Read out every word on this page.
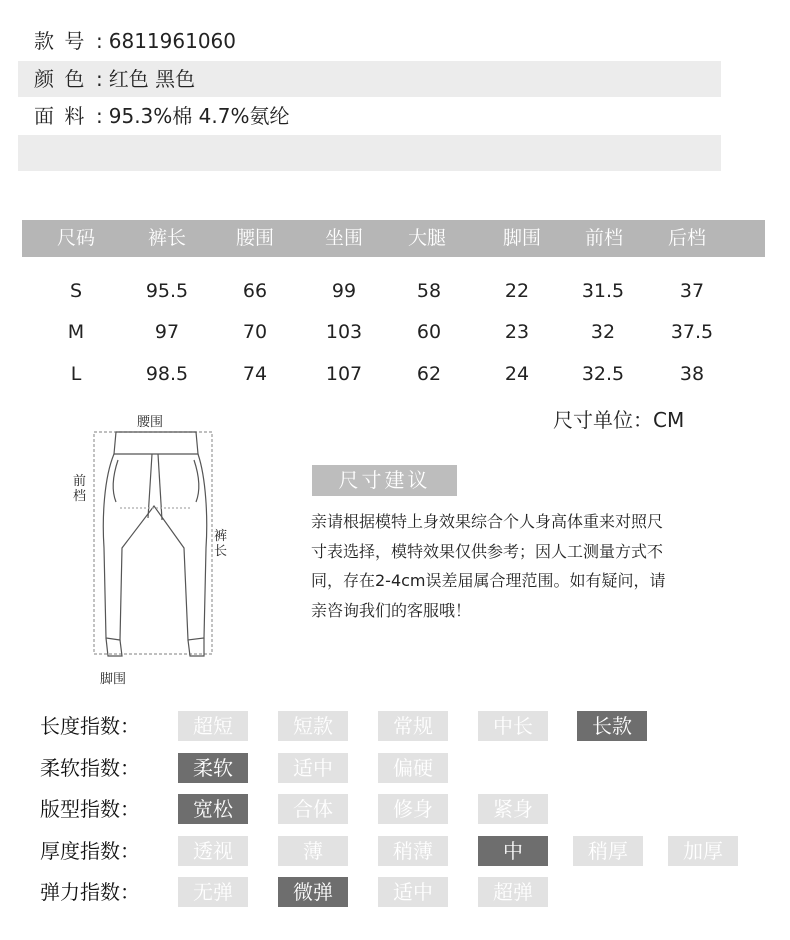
款 号 : 6811961060
颜 色 : 红色 黑色
面 料 : 95.3%棉 4.7%氨纶
尺码	裤长	腰围	坐围	大腿	脚围	前档	后档
S	95.5	66	99	58	22	31.5	37
M	97	70	103	60	23	32	37.5
L	98.5	74	107	62	24	32.5	38
尺寸单位：CM
腰围
前档
裤长
脚围
尺寸建议
亲请根据模特上身效果综合个人身高体重来对照尺
寸表选择，模特效果仅供参考；因人工测量方式不
同，存在2-4cm误差届属合理范围。如有疑问，请
亲咨询我们的客服哦！
长度指数：	超短	短款	常规	中长	长款
柔软指数：	柔软	适中	偏硬
版型指数：	宽松	合体	修身	紧身
厚度指数：	透视	薄	稍薄	中	稍厚	加厚
弹力指数：	无弹	微弹	适中	超弹
